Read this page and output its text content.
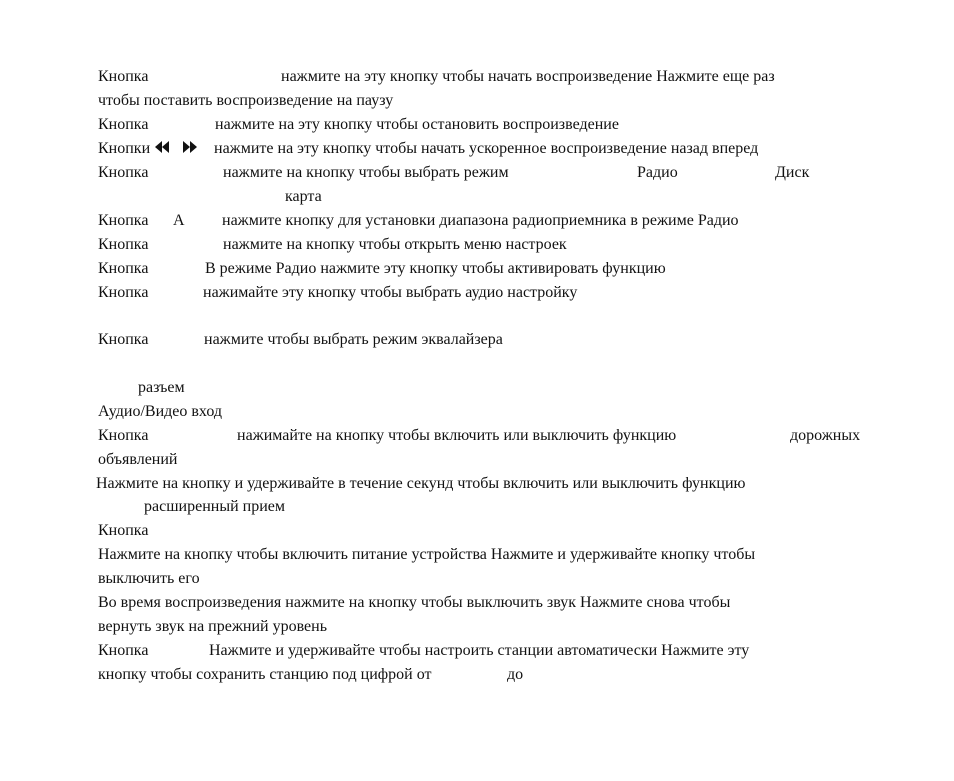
Кнопка	нажмите на эту кнопку чтобы начать воспроизведение Нажмите еще раз
чтобы поставить воспроизведение на паузу
Кнопка	нажмите на эту кнопку чтобы остановить воспроизведение
Кнопки	нажмите на эту кнопку чтобы начать ускоренное воспроизведение назад вперед
Кнопка	нажмите на кнопку чтобы выбрать режим	Радио	Диск
карта
Кнопка А нажмите кнопку для установки диапазона радиоприемника в режиме Радио
Кнопка	нажмите на кнопку чтобы открыть меню настроек
Кнопка	В режиме Радио нажмите эту кнопку чтобы активировать функцию
Кнопка	нажимайте эту кнопку чтобы выбрать аудио настройку
Кнопка	нажмите чтобы выбрать режим эквалайзера
разъем
Аудио/Видео вход
Кнопка	нажимайте на кнопку чтобы включить или выключить функцию	дорожных
объявлений
Нажмите на кнопку и удерживайте в течение секунд чтобы включить или выключить функцию
расширенный прием
Кнопка
Нажмите на кнопку чтобы включить питание устройства Нажмите и удерживайте кнопку чтобы
выключить его
Во время воспроизведения нажмите на кнопку чтобы выключить звук Нажмите снова чтобы
вернуть звук на прежний уровень
Кнопка	Нажмите и удерживайте чтобы настроить станции автоматически Нажмите эту
кнопку чтобы сохранить станцию под цифрой от	до
